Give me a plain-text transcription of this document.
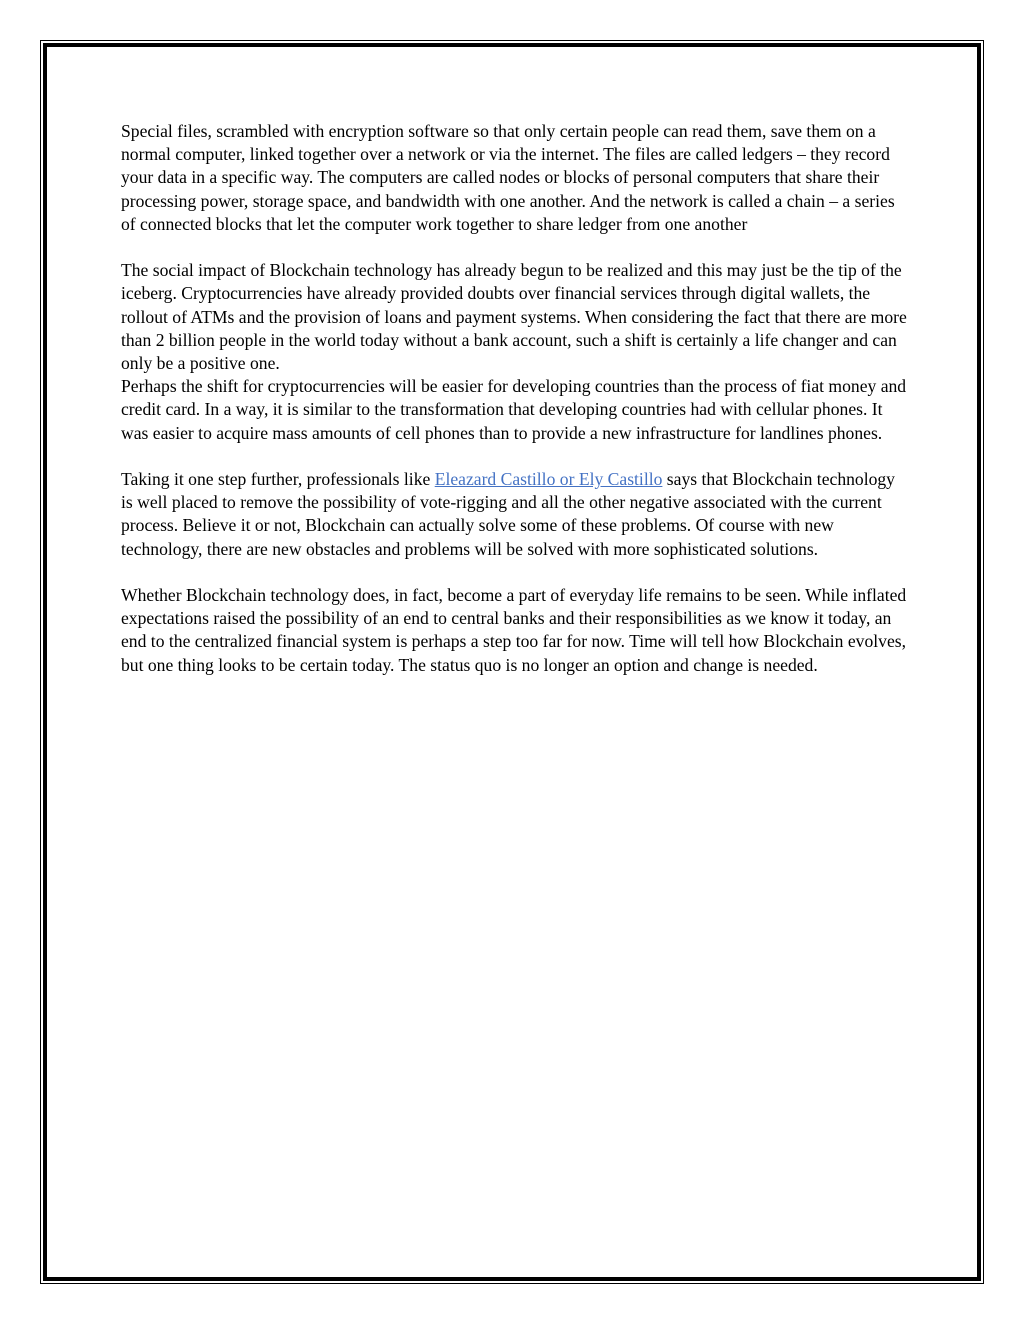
Special files, scrambled with encryption software so that only certain people can read them, save them on a normal computer, linked together over a network or via the internet. The files are called ledgers – they record your data in a specific way. The computers are called nodes or blocks of personal computers that share their processing power, storage space, and bandwidth with one another. And the network is called a chain – a series of connected blocks that let the computer work together to share ledger from one another

The social impact of Blockchain technology has already begun to be realized and this may just be the tip of the iceberg. Cryptocurrencies have already provided doubts over financial services through digital wallets, the rollout of ATMs and the provision of loans and payment systems. When considering the fact that there are more than 2 billion people in the world today without a bank account, such a shift is certainly a life changer and can only be a positive one.

Perhaps the shift for cryptocurrencies will be easier for developing countries than the process of fiat money and credit card. In a way, it is similar to the transformation that developing countries had with cellular phones. It was easier to acquire mass amounts of cell phones than to provide a new infrastructure for landlines phones.

Taking it one step further, professionals like Eleazard Castillo or Ely Castillo says that Blockchain technology is well placed to remove the possibility of vote-rigging and all the other negative associated with the current process. Believe it or not, Blockchain can actually solve some of these problems. Of course with new technology, there are new obstacles and problems will be solved with more sophisticated solutions.

Whether Blockchain technology does, in fact, become a part of everyday life remains to be seen. While inflated expectations raised the possibility of an end to central banks and their responsibilities as we know it today, an end to the centralized financial system is perhaps a step too far for now. Time will tell how Blockchain evolves, but one thing looks to be certain today. The status quo is no longer an option and change is needed.
